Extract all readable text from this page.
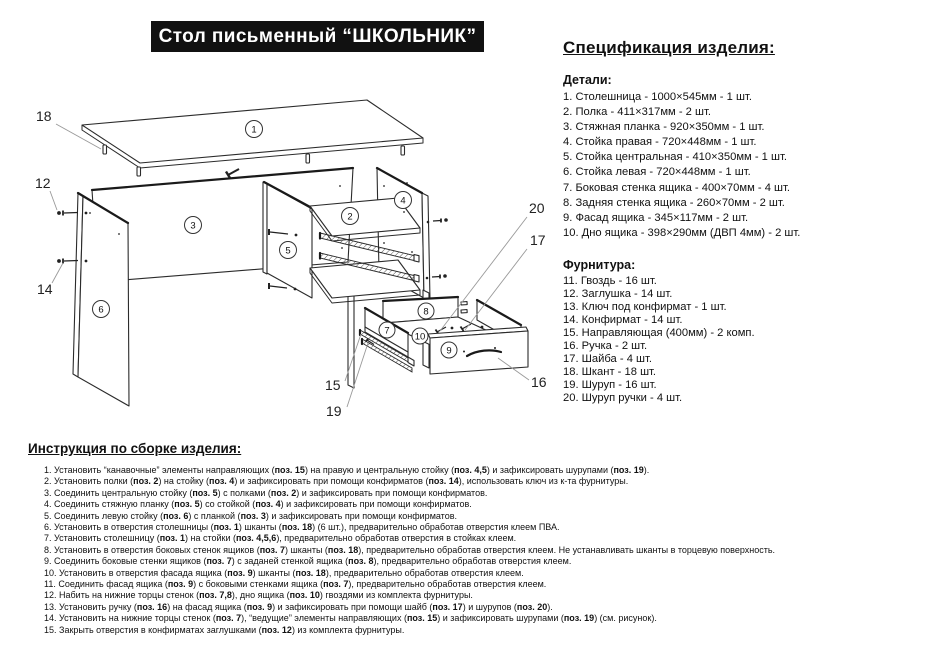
Стол письменный “ШКОЛЬНИК”
18
12
14
15
19
20
17
16
1
2
3
4
5
6
7
8
9
10
Спецификация изделия:
Детали:
1. Столешница - 1000×545мм - 1 шт.
2. Полка - 411×317мм - 2 шт.
3. Стяжная планка - 920×350мм - 1 шт.
4. Стойка правая - 720×448мм - 1 шт.
5. Стойка центральная - 410×350мм - 1 шт.
6. Стойка левая - 720×448мм - 1 шт.
7. Боковая стенка ящика - 400×70мм - 4 шт.
8. Задняя стенка ящика - 260×70мм - 2 шт.
9. Фасад ящика - 345×117мм - 2 шт.
10. Дно ящика - 398×290мм (ДВП 4мм) - 2 шт.
Фурнитура:
11. Гвоздь - 16 шт.
12. Заглушка - 14 шт.
13. Ключ под конфирмат - 1 шт.
14. Конфирмат - 14 шт.
15. Направляющая (400мм) - 2 комп.
16. Ручка - 2 шт.
17. Шайба - 4 шт.
18. Шкант - 18 шт.
19. Шуруп - 16 шт.
20. Шуруп ручки - 4 шт.
Инструкция по сборке изделия:
1. Установить “канавочные” элементы направляющих (поз. 15) на правую и центральную стойку (поз. 4,5) и зафиксировать шурупами (поз. 19).
2. Установить полки (поз. 2) на стойку (поз. 4) и зафиксировать при помощи конфирматов (поз. 14), использовать ключ из к-та фурнитуры.
3. Соединить центральную стойку (поз. 5) с полками (поз. 2) и зафиксировать при помощи конфирматов.
4. Соединить стяжную планку (поз. 5) со стойкой (поз. 4) и зафиксировать при помощи конфирматов.
5. Соединить левую стойку (поз. 6) с планкой (поз. 3) и зафиксировать при помощи конфирматов.
6. Установить в отверстия столешницы (поз. 1) шканты (поз. 18) (6 шт.), предварительно обработав отверстия клеем ПВА.
7. Установить столешницу (поз. 1) на стойки (поз. 4,5,6), предварительно обработав отверстия в стойках клеем.
8. Установить в отверстия боковых стенок ящиков (поз. 7) шканты (поз. 18), предварительно обработав отверстия клеем. Не устанавливать шканты в торцевую поверхность.
9. Соединить боковые стенки ящиков (поз. 7) с заданей стенкой ящика (поз. 8), предварительно обработав отверстия клеем.
10. Установить в отверстия фасада ящика (поз. 9) шканты (поз. 18), предварительно обработав отверстия клеем.
11. Соединить фасад ящика (поз. 9) с боковыми стенками ящика (поз. 7), предварительно обработав отверстия клеем.
12. Набить на нижние торцы стенок (поз. 7,8), дно ящика (поз. 10) гвоздями из комплекта фурнитуры.
13. Установить ручку (поз. 16) на фасад ящика (поз. 9) и зафиксировать при помощи шайб (поз. 17) и шурупов (поз. 20).
14. Установить на нижние торцы стенок (поз. 7), “ведущие” элементы направляющих (поз. 15) и зафиксировать шурупами (поз. 19) (см. рисунок).
15. Закрыть отверстия в конфирматах заглушками (поз. 12) из комплекта фурнитуры.
